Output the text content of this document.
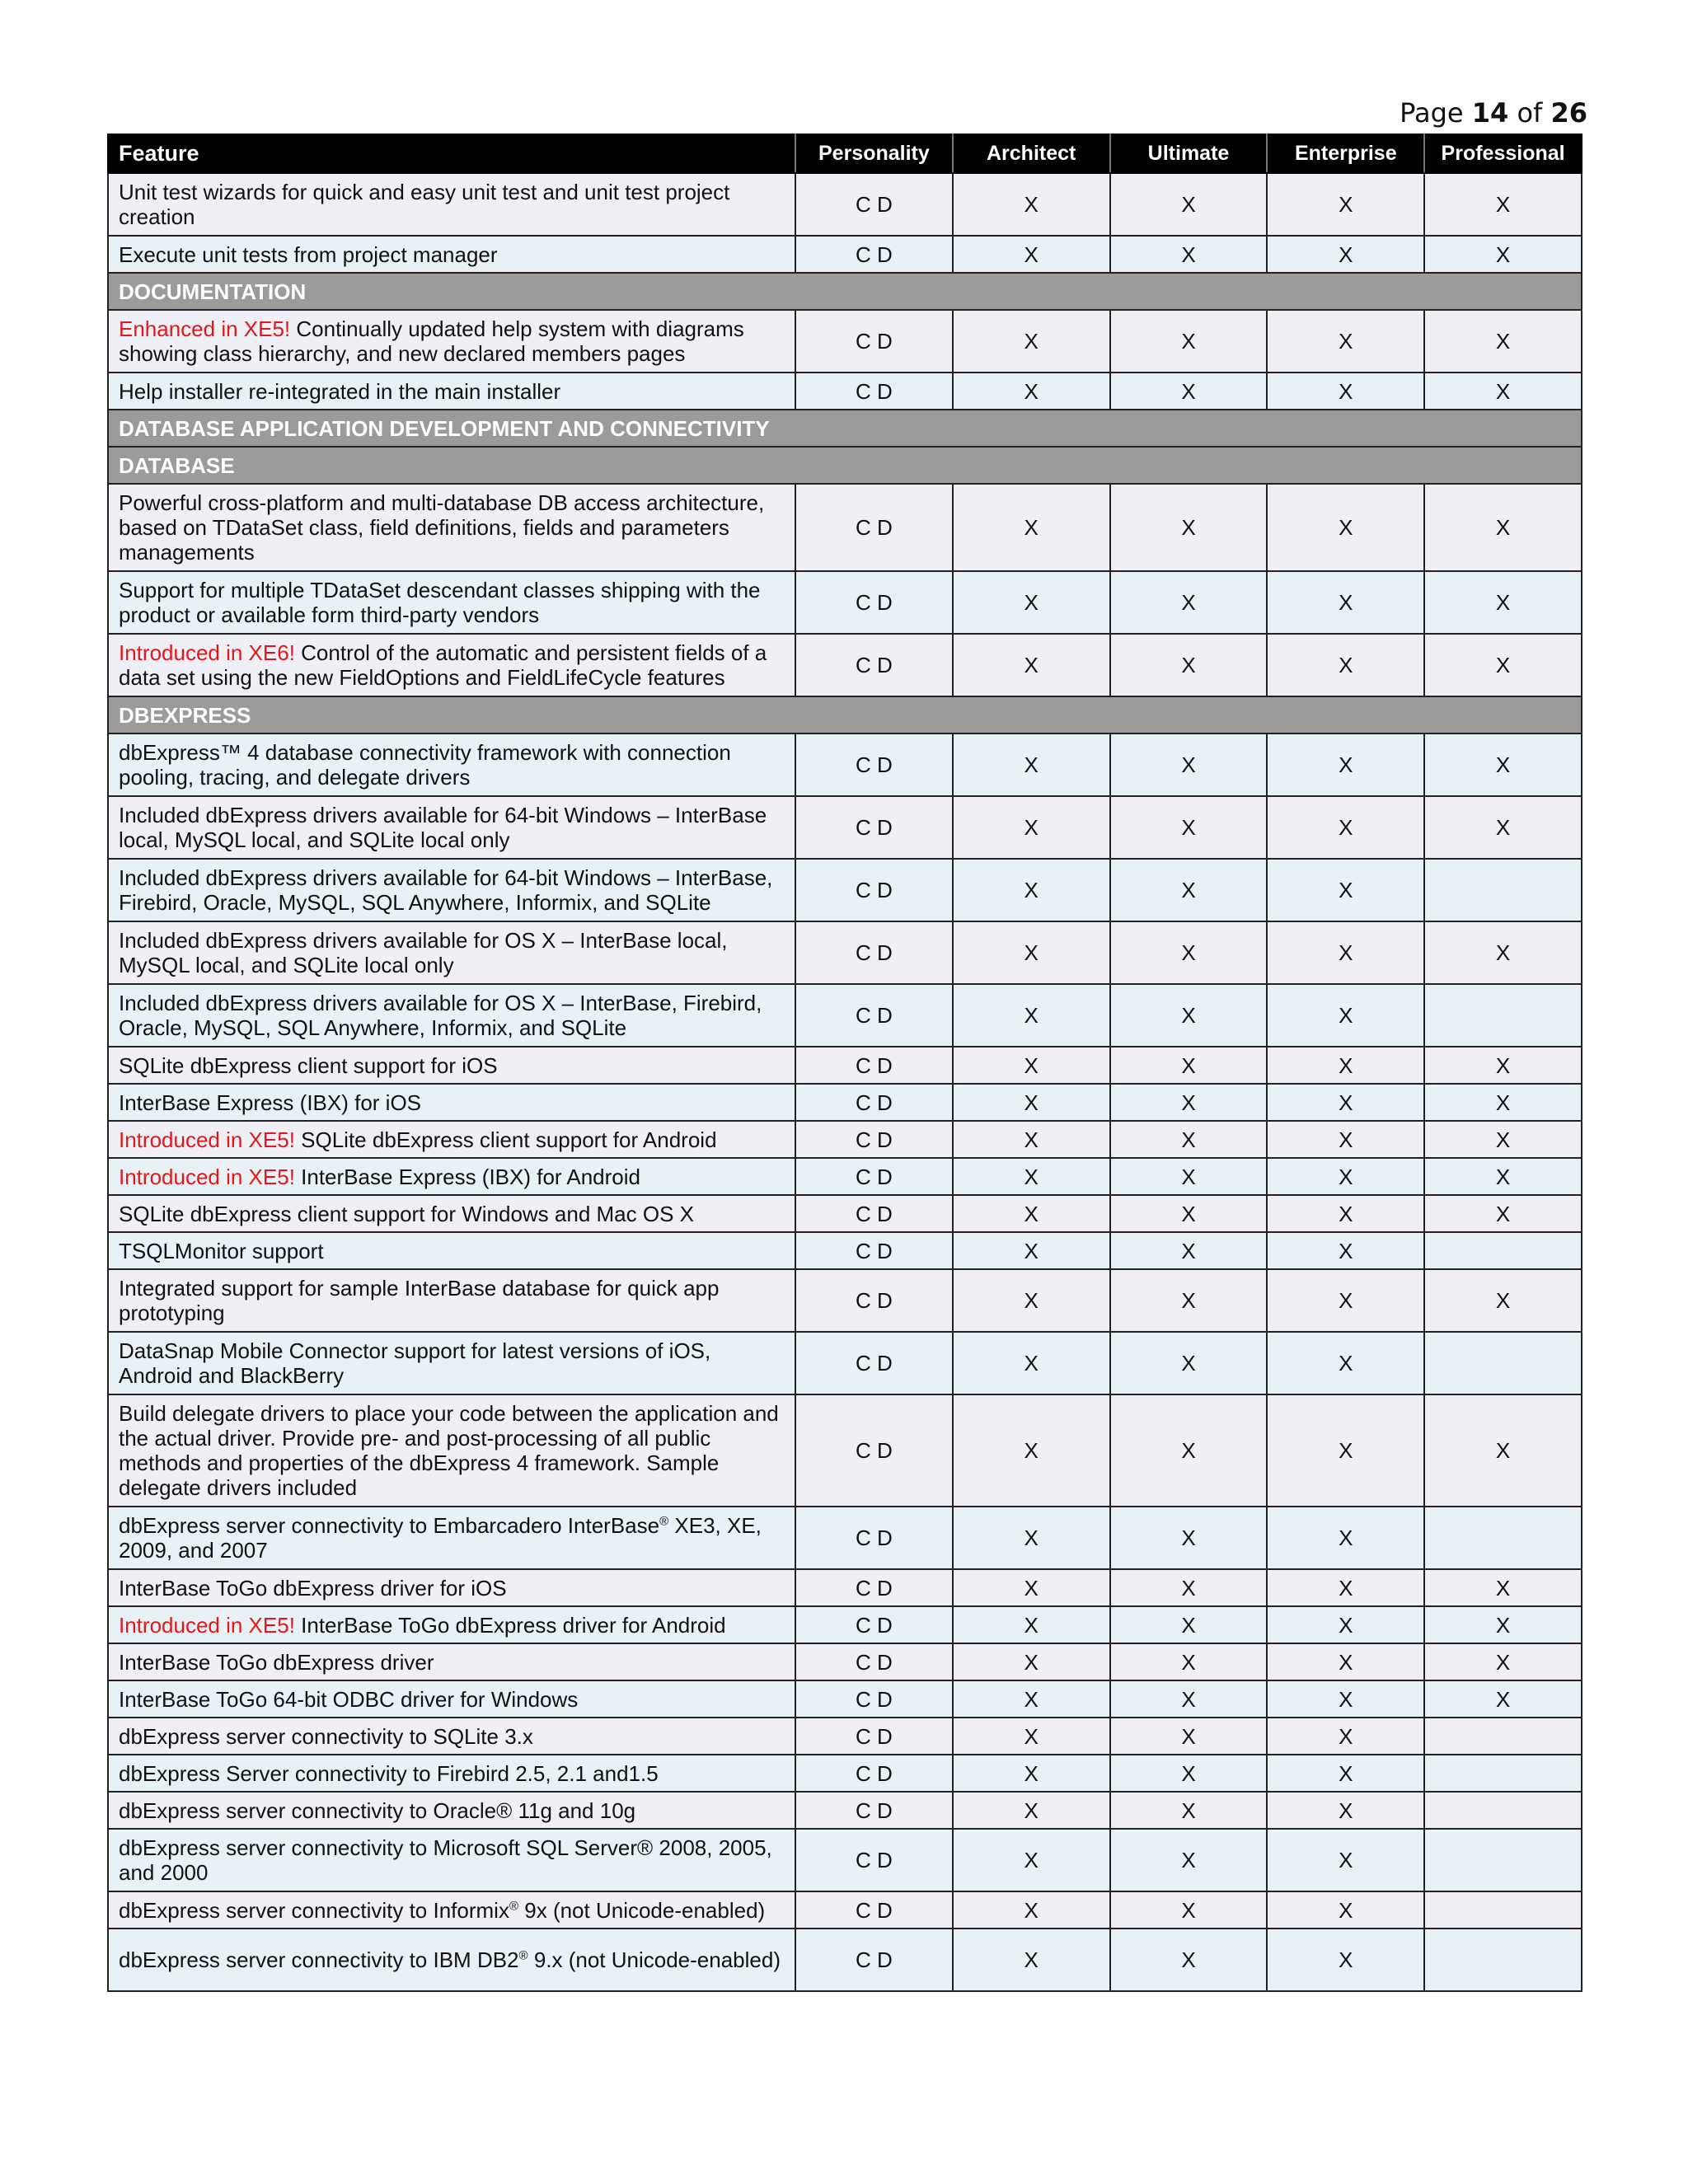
Page 14 of 26
Feature	Personality	Architect	Ultimate	Enterprise	Professional
Unit test wizards for quick and easy unit test and unit test project creation	C D	X	X	X	X
Execute unit tests from project manager	C D	X	X	X	X
DOCUMENTATION					
Enhanced in XE5! Continually updated help system with diagrams showing class hierarchy, and new declared members pages	C D	X	X	X	X
Help installer re-integrated in the main installer	C D	X	X	X	X
DATABASE APPLICATION DEVELOPMENT AND CONNECTIVITY					
DATABASE					
Powerful cross-platform and multi-database DB access architecture, based on TDataSet class, field definitions, fields and parameters managements	C D	X	X	X	X
Support for multiple TDataSet descendant classes shipping with the product or available form third-party vendors	C D	X	X	X	X
Introduced in XE6! Control of the automatic and persistent fields of a data set using the new FieldOptions and FieldLifeCycle features	C D	X	X	X	X
DBEXPRESS					
dbExpress™ 4 database connectivity framework with connection pooling, tracing, and delegate drivers	C D	X	X	X	X
Included dbExpress drivers available for 64-bit Windows – InterBase local, MySQL local, and SQLite local only	C D	X	X	X	X
Included dbExpress drivers available for 64-bit Windows – InterBase, Firebird, Oracle, MySQL, SQL Anywhere, Informix, and SQLite	C D	X	X	X	
Included dbExpress drivers available for OS X – InterBase local, MySQL local, and SQLite local only	C D	X	X	X	X
Included dbExpress drivers available for OS X – InterBase, Firebird, Oracle, MySQL, SQL Anywhere, Informix, and SQLite	C D	X	X	X	
SQLite dbExpress client support for iOS	C D	X	X	X	X
InterBase Express (IBX) for iOS	C D	X	X	X	X
Introduced in XE5! SQLite dbExpress client support for Android	C D	X	X	X	X
Introduced in XE5! InterBase Express (IBX) for Android	C D	X	X	X	X
SQLite dbExpress client support for Windows and Mac OS X	C D	X	X	X	X
TSQLMonitor support	C D	X	X	X	
Integrated support for sample InterBase database for quick app prototyping	C D	X	X	X	X
DataSnap Mobile Connector support for latest versions of iOS, Android and BlackBerry	C D	X	X	X	
Build delegate drivers to place your code between the application and the actual driver. Provide pre- and post-processing of all public methods and properties of the dbExpress 4 framework. Sample delegate drivers included	C D	X	X	X	X
dbExpress server connectivity to Embarcadero InterBase® XE3, XE, 2009, and 2007	C D	X	X	X	
InterBase ToGo dbExpress driver for iOS	C D	X	X	X	X
Introduced in XE5! InterBase ToGo dbExpress driver for Android	C D	X	X	X	X
InterBase ToGo dbExpress driver	C D	X	X	X	X
InterBase ToGo 64-bit ODBC driver for Windows	C D	X	X	X	X
dbExpress server connectivity to SQLite 3.x	C D	X	X	X	
dbExpress Server connectivity to Firebird 2.5, 2.1 and1.5	C D	X	X	X	
dbExpress server connectivity to Oracle® 11g and 10g	C D	X	X	X	
dbExpress server connectivity to Microsoft SQL Server® 2008, 2005, and 2000	C D	X	X	X	
dbExpress server connectivity to Informix® 9x (not Unicode-enabled)	C D	X	X	X	
dbExpress server connectivity to IBM DB2® 9.x (not Unicode-enabled)	C D	X	X	X	
